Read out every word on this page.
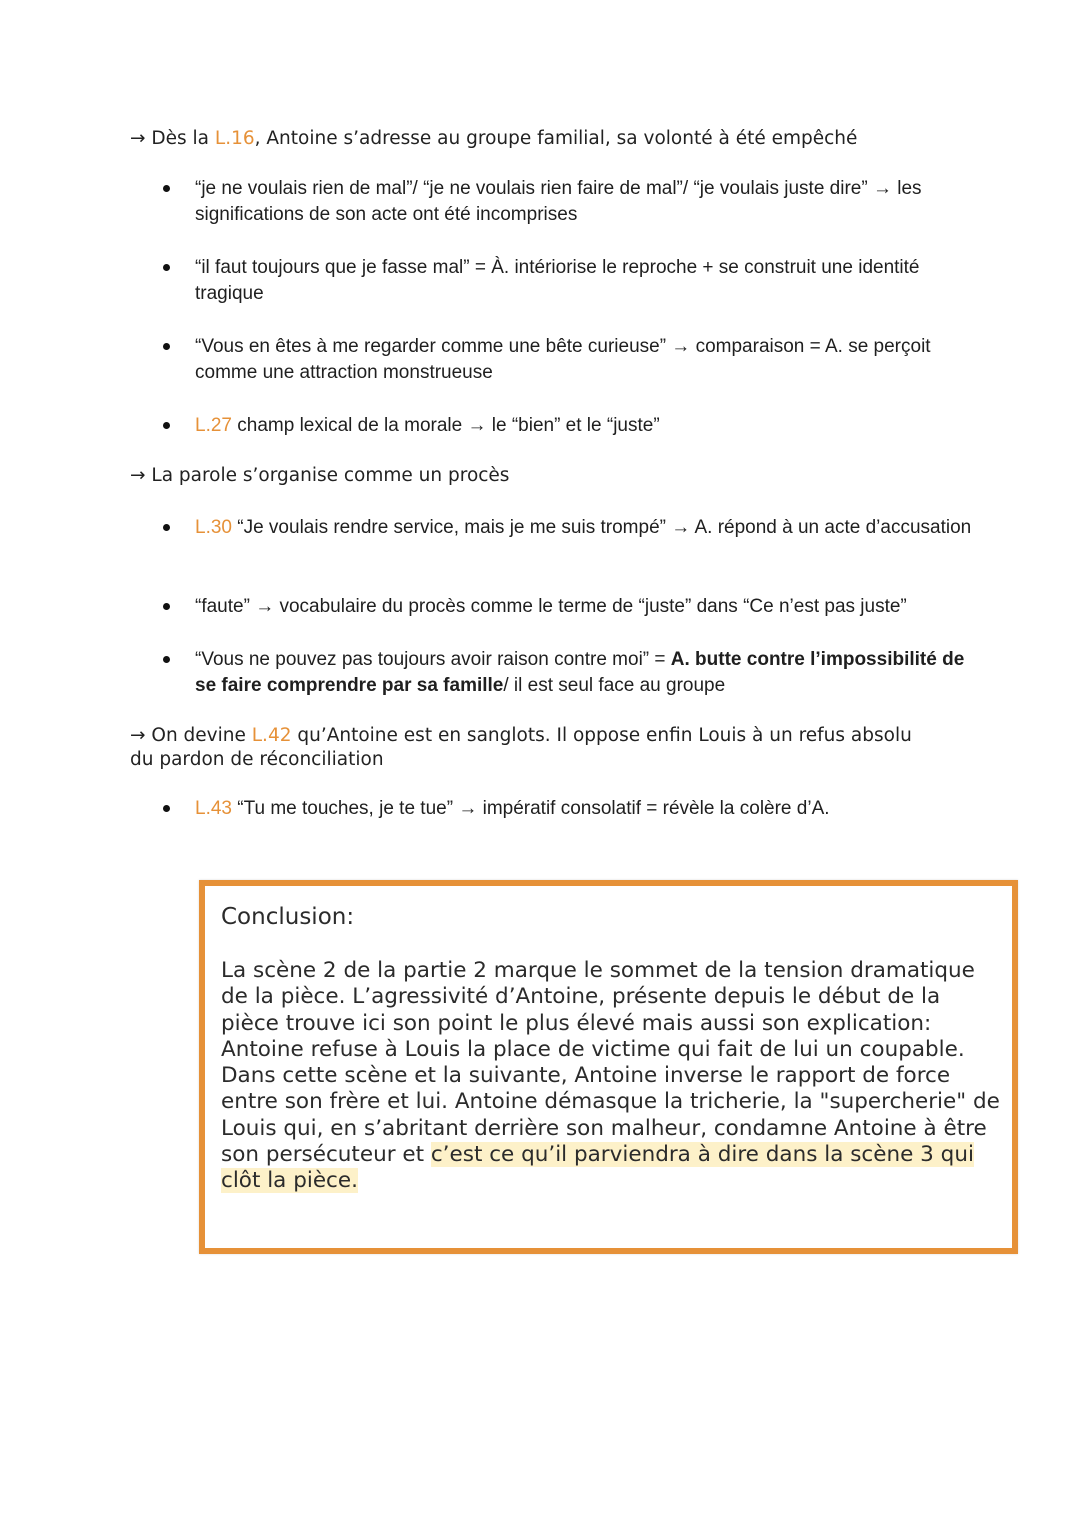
→ Dès la L.16, Antoine s’adresse au groupe familial, sa volonté à été empêché
“je ne voulais rien de mal”/ “je ne voulais rien faire de mal”/ “je voulais juste dire” → les significations de son acte ont été incomprises
“il faut toujours que je fasse mal” = À. intériorise le reproche + se construit une identité tragique
“Vous en êtes à me regarder comme une bête curieuse” → comparaison = A. se perçoit comme une attraction monstrueuse
L.27 champ lexical de la morale → le “bien” et le “juste”
→ La parole s’organise comme un procès
L.30 “Je voulais rendre service, mais je me suis trompé” → A. répond à un acte d’accusation
“faute” → vocabulaire du procès comme le terme de “juste” dans “Ce n’est pas juste”
“Vous ne pouvez pas toujours avoir raison contre moi” = A. butte contre l’impossibilité de se faire comprendre par sa famille/ il est seul face au groupe
→ On devine L.42 qu’Antoine est en sanglots. Il oppose enfin Louis à un refus absolu du pardon de réconciliation
L.43 “Tu me touches, je te tue” → impératif consolatif = révèle la colère d’A.
Conclusion:
La scène 2 de la partie 2 marque le sommet de la tension dramatique de la pièce. L’agressivité d’Antoine, présente depuis le début de la pièce trouve ici son point le plus élevé mais aussi son explication: Antoine refuse à Louis la place de victime qui fait de lui un coupable.
Dans cette scène et la suivante, Antoine inverse le rapport de force entre son frère et lui. Antoine démasque la tricherie, la "supercherie" de Louis qui, en s’abritant derrière son malheur, condamne Antoine à être son persécuteur et c’est ce qu’il parviendra à dire dans la scène 3 qui clôt la pièce.
